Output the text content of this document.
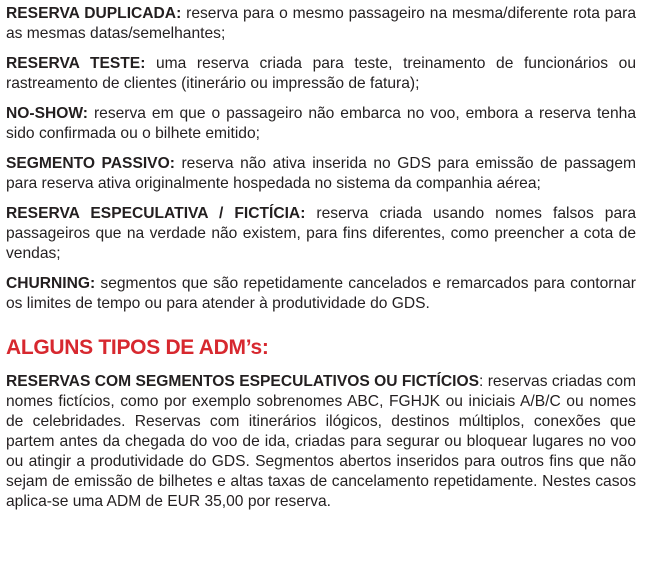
RESERVA DUPLICADA: reserva para o mesmo passageiro na mesma/diferente rota para as mesmas datas/semelhantes;

RESERVA TESTE: uma reserva criada para teste, treinamento de funcionários ou rastreamento de clientes (itinerário ou impressão de fatura);

NO-SHOW: reserva em que o passageiro não embarca no voo, embora a reserva tenha sido confirmada ou o bilhete emitido;

SEGMENTO PASSIVO: reserva não ativa inserida no GDS para emissão de passagem para reserva ativa originalmente hospedada no sistema da companhia aérea;

RESERVA ESPECULATIVA / FICTÍCIA: reserva criada usando nomes falsos para passageiros que na verdade não existem, para fins diferentes, como preencher a cota de vendas;

CHURNING: segmentos que são repetidamente cancelados e remarcados para contornar os limites de tempo ou para atender à produtividade do GDS.

ALGUNS TIPOS DE ADM’s:

RESERVAS COM SEGMENTOS ESPECULATIVOS OU FICTÍCIOS: reservas criadas com nomes fictícios, como por exemplo sobrenomes ABC, FGHJK ou iniciais A/B/C ou nomes de celebridades. Reservas com itinerários ilógicos, destinos múltiplos, conexões que partem antes da chegada do voo de ida, criadas para segurar ou bloquear lugares no voo ou atingir a produtividade do GDS. Segmentos abertos inseridos para outros fins que não sejam de emissão de bilhetes e altas taxas de cancelamento repetidamente. Nestes casos aplica-se uma ADM de EUR 35,00 por reserva.
